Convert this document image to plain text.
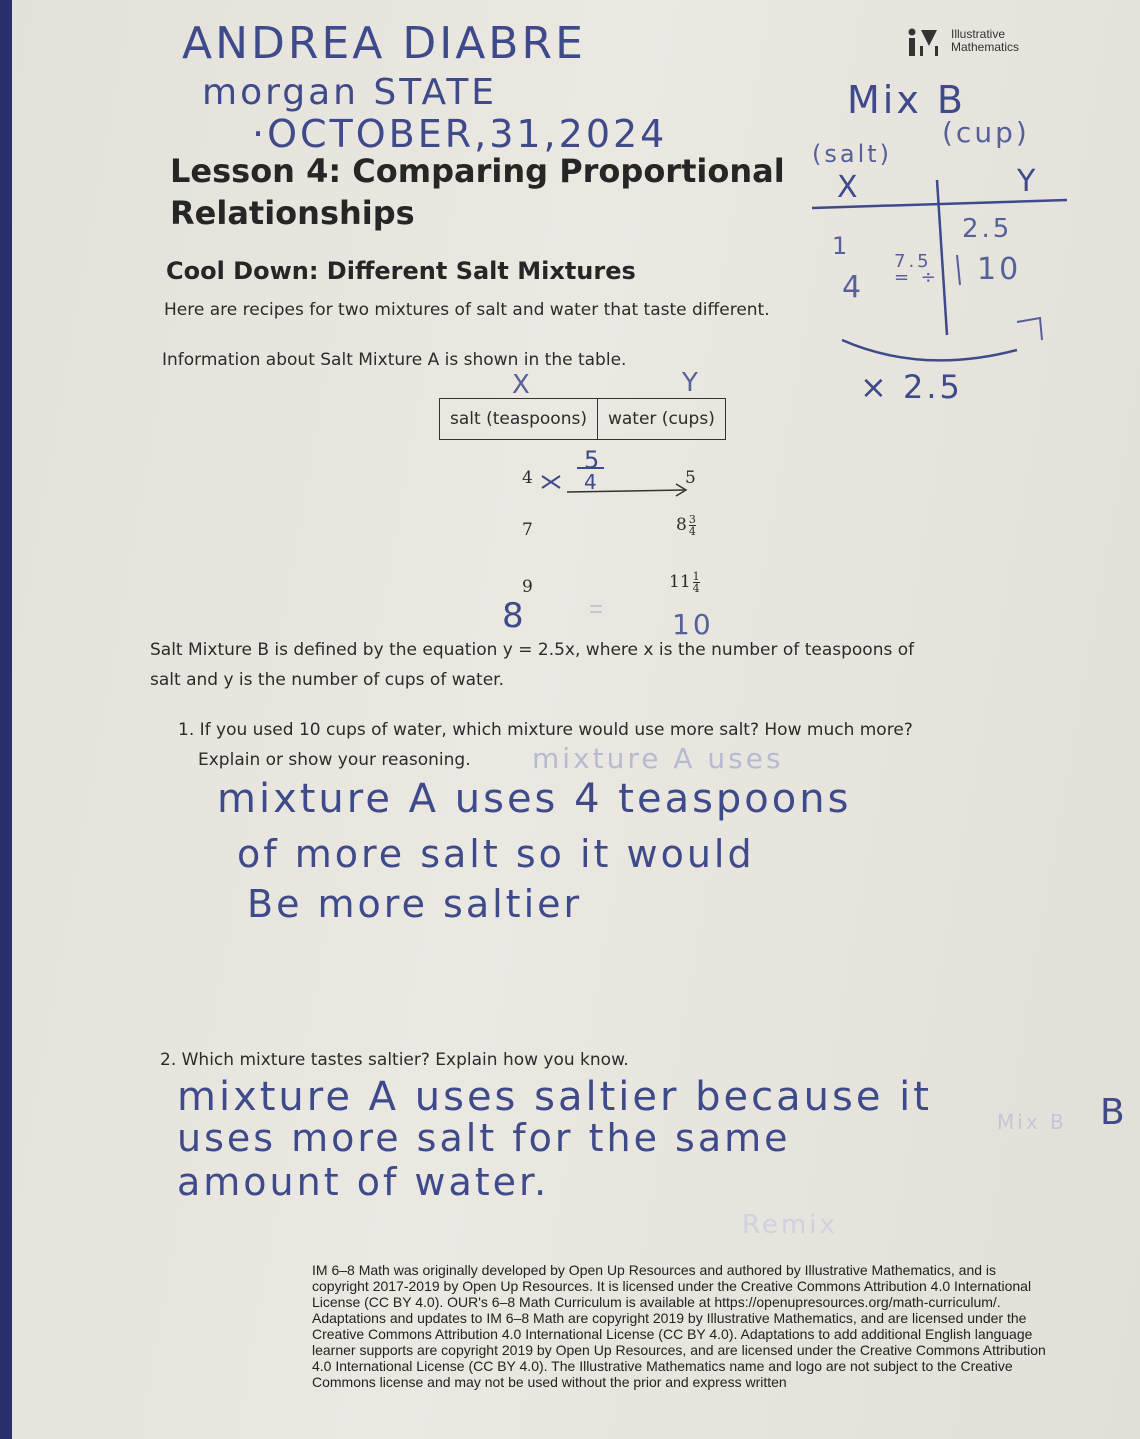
ANDREA DIABRE
morgan STATE
·OCTOBER,31,2024
Illustrative
Mathematics
Lesson 4: Comparing Proportional
Relationships
Cool Down: Different Salt Mixtures
Here are recipes for two mixtures of salt and water that taste different.
Information about Salt Mixture A is shown in the table.
Mix B
(salt)
(cup)
X	Y
2.5
1
4
7.5 = ÷	10
× 2.5
X	Y
salt (teaspoons)	water (cups)
4	5
7	$8 \frac{3}{4}$
9	$11 \frac{1}{4}$
5
4
8	10
Salt Mixture B is defined by the equation y = 2.5x, where x is the number of teaspoons of
salt and y is the number of cups of water.
1. If you used 10 cups of water, which mixture would use more salt? How much more?
Explain or show your reasoning. mixture A uses
mixture A uses 4 teaspoons
of more salt so it would
Be more saltier
2. Which mixture tastes saltier? Explain how you know.
mixture A uses saltier because it
uses more salt for the same
amount of water.
Mix B B
Remix
IM 6–8 Math was originally developed by Open Up Resources and authored by Illustrative Mathematics, and is copyright 2017-2019 by Open Up Resources. It is licensed under the Creative Commons Attribution 4.0 International License (CC BY 4.0). OUR's 6–8 Math Curriculum is available at https://openupresources.org/math-curriculum/. Adaptations and updates to IM 6–8 Math are copyright 2019 by Illustrative Mathematics, and are licensed under the Creative Commons Attribution 4.0 International License (CC BY 4.0). Adaptations to add additional English language learner supports are copyright 2019 by Open Up Resources, and are licensed under the Creative Commons Attribution 4.0 International License (CC BY 4.0). The Illustrative Mathematics name and logo are not subject to the Creative Commons license and may not be used without the prior and express written
